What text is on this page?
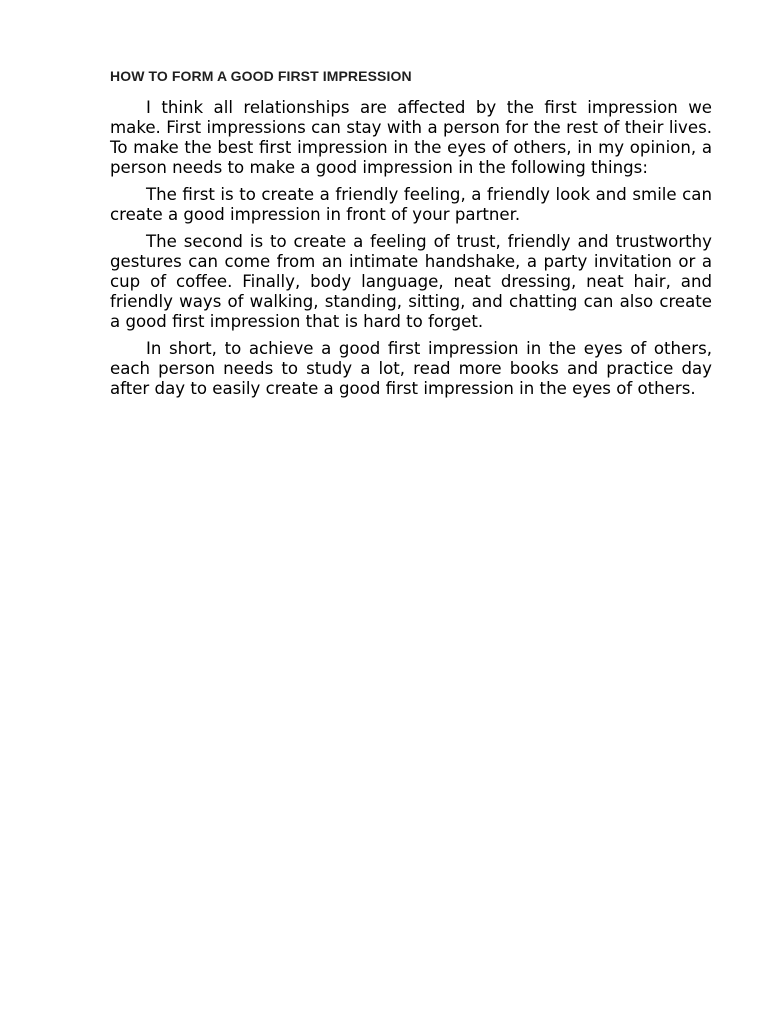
HOW TO FORM A GOOD FIRST IMPRESSION

I think all relationships are affected by the first impression we make. First impressions can stay with a person for the rest of their lives. To make the best first impression in the eyes of others, in my opinion, a person needs to make a good impression in the following things:

The first is to create a friendly feeling, a friendly look and smile can create a good impression in front of your partner.

The second is to create a feeling of trust, friendly and trustworthy gestures can come from an intimate handshake, a party invitation or a cup of coffee. Finally, body language, neat dressing, neat hair, and friendly ways of walking, standing, sitting, and chatting can also create a good first impression that is hard to forget.

In short, to achieve a good first impression in the eyes of others, each person needs to study a lot, read more books and practice day after day to easily create a good first impression in the eyes of others.
